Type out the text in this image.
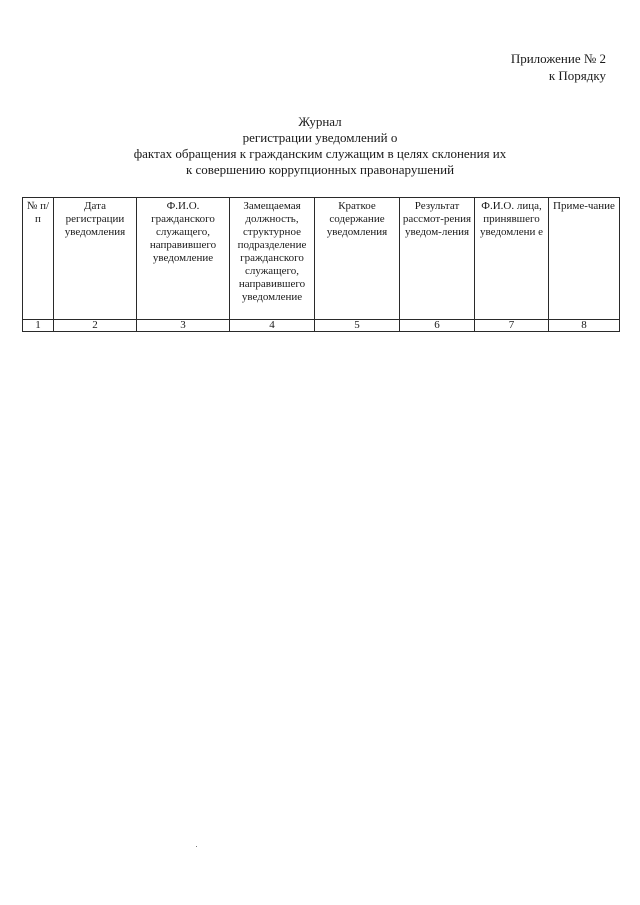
Приложение № 2
к Порядку
Журнал
регистрации уведомлений о
фактах обращения к гражданским служащим в целях склонения их
к совершению коррупционных правонарушений
№ п/п	Дата регистрации уведомления	Ф.И.О. гражданского служащего, направившего уведомление	Замещаемая должность, структурное подразделение гражданского служащего, направившего уведомление	Краткое содержание уведомления	Результат рассмот-рения уведом-ления	Ф.И.О. лица, принявшего уведомлени е	Приме-чание
1	2	3	4	5	6	7	8
